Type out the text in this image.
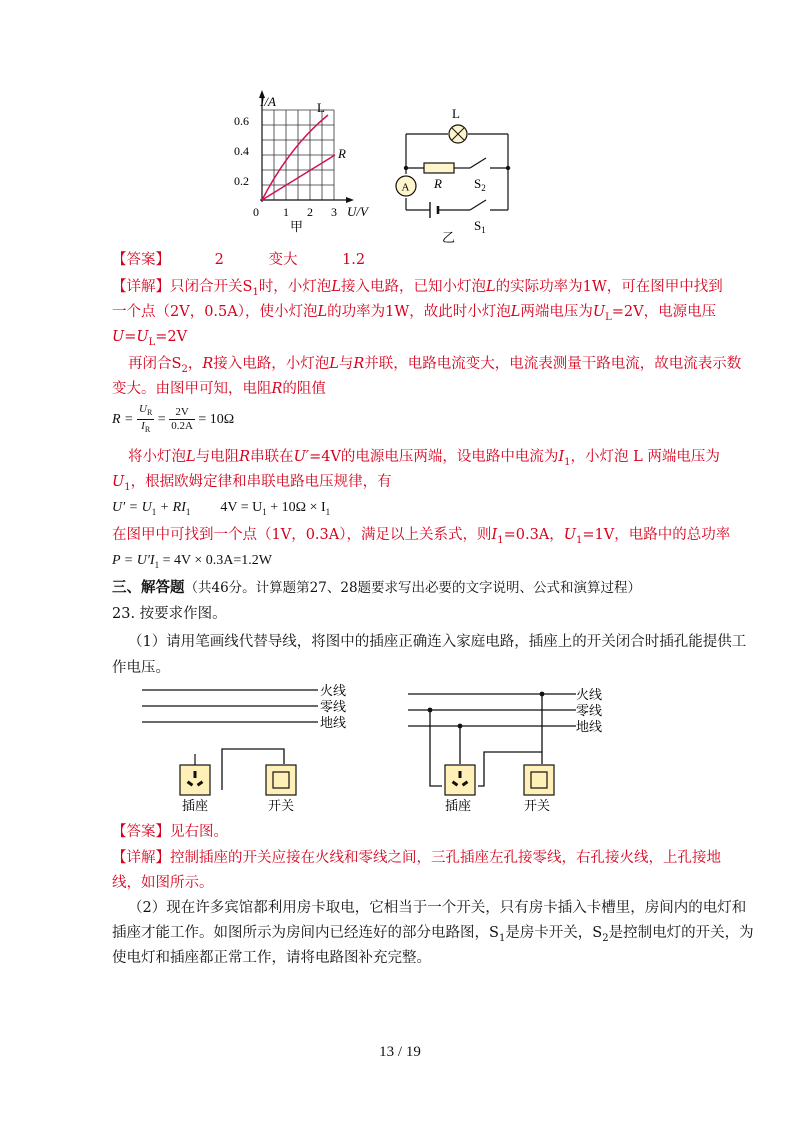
I/A	L
R
0.6
0.4
0.2
0 1 2 3 U/V
甲
L
A R $S_2$
$S_1$
乙
【答案】	2	变大	1.2
【详解】只闭合开关$S_1$时，小灯泡L接入电路，已知小灯泡L的实际功率为1W，可在图甲中找到
一个点（2V，0.5A），使小灯泡L的功率为1W，故此时小灯泡L两端电压为$U_L=2V$，电源电压
$U=U_L=2V$
再闭合$S_2$，R接入电路，小灯泡L与R并联，电路电流变大，电流表测量干路电流，故电流表示数
变大。由图甲可知，电阻R的阻值
$R = \frac{U_R}{I_R} = \frac{2V}{0.2A} = 10\Omega$
将小灯泡L与电阻R串联在U′=4V的电源电压两端，设电路中电流为$I_1$，小灯泡 L 两端电压为
$U_1$，根据欧姆定律和串联电路电压规律，有
$U' = U_1 + RI_1$ $4V = U_1 + 10\Omega \times I_1$
在图甲中可找到一个点（1V，0.3A），满足以上关系式，则$I_1=0.3A$，$U_1=1V$，电路中的总功率
$P = U'I_1 = 4V \times 0.3A=1.2W$
三、解答题（共46分。计算题第27、28题要求写出必要的文字说明、公式和演算过程）
23. 按要求作图。
（1）请用笔画线代替导线，将图中的插座正确连入家庭电路，插座上的开关闭合时插孔能提供工
作电压。
火线
零线
地线
插座	开关
火线
零线
地线
插座	开关
【答案】见右图。
【详解】控制插座的开关应接在火线和零线之间，三孔插座左孔接零线，右孔接火线，上孔接地
线，如图所示。
（2）现在许多宾馆都利用房卡取电，它相当于一个开关，只有房卡插入卡槽里，房间内的电灯和
插座才能工作。如图所示为房间内已经连好的部分电路图，$S_1$是房卡开关，$S_2$是控制电灯的开关，为
使电灯和插座都正常工作，请将电路图补充完整。
13 / 19
